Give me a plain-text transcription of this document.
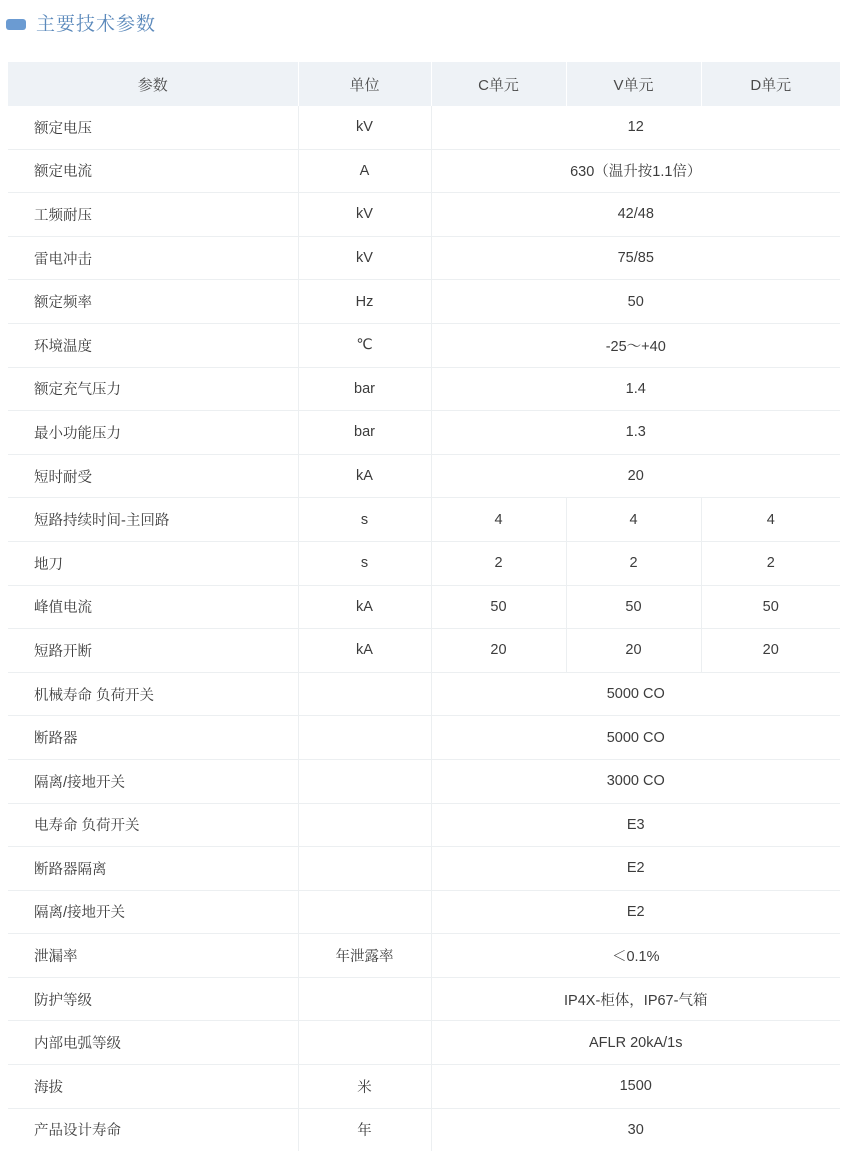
主要技术参数
参数	单位	C单元	V单元	D单元
额定电压	kV	12		
额定电流	A	630（温升按1.1倍）		
工频耐压	kV	42/48		
雷电冲击	kV	75/85		
额定频率	Hz	50		
环境温度	℃	-25～+40		
额定充气压力	bar	1.4		
最小功能压力	bar	1.3		
短时耐受	kA	20		
短路持续时间-主回路	s	4	4	4
地刀	s	2	2	2
峰值电流	kA	50	50	50
短路开断	kA	20	20	20
机械寿命 负荷开关		5000 CO		
断路器		5000 CO		
隔离/接地开关		3000 CO		
电寿命 负荷开关		E3		
断路器隔离		E2		
隔离/接地开关		E2		
泄漏率	年泄露率	＜0.1%		
防护等级		IP4X-柜体，IP67-气箱		
内部电弧等级		AFLR 20kA/1s		
海拔	米	1500		
产品设计寿命	年	30		
